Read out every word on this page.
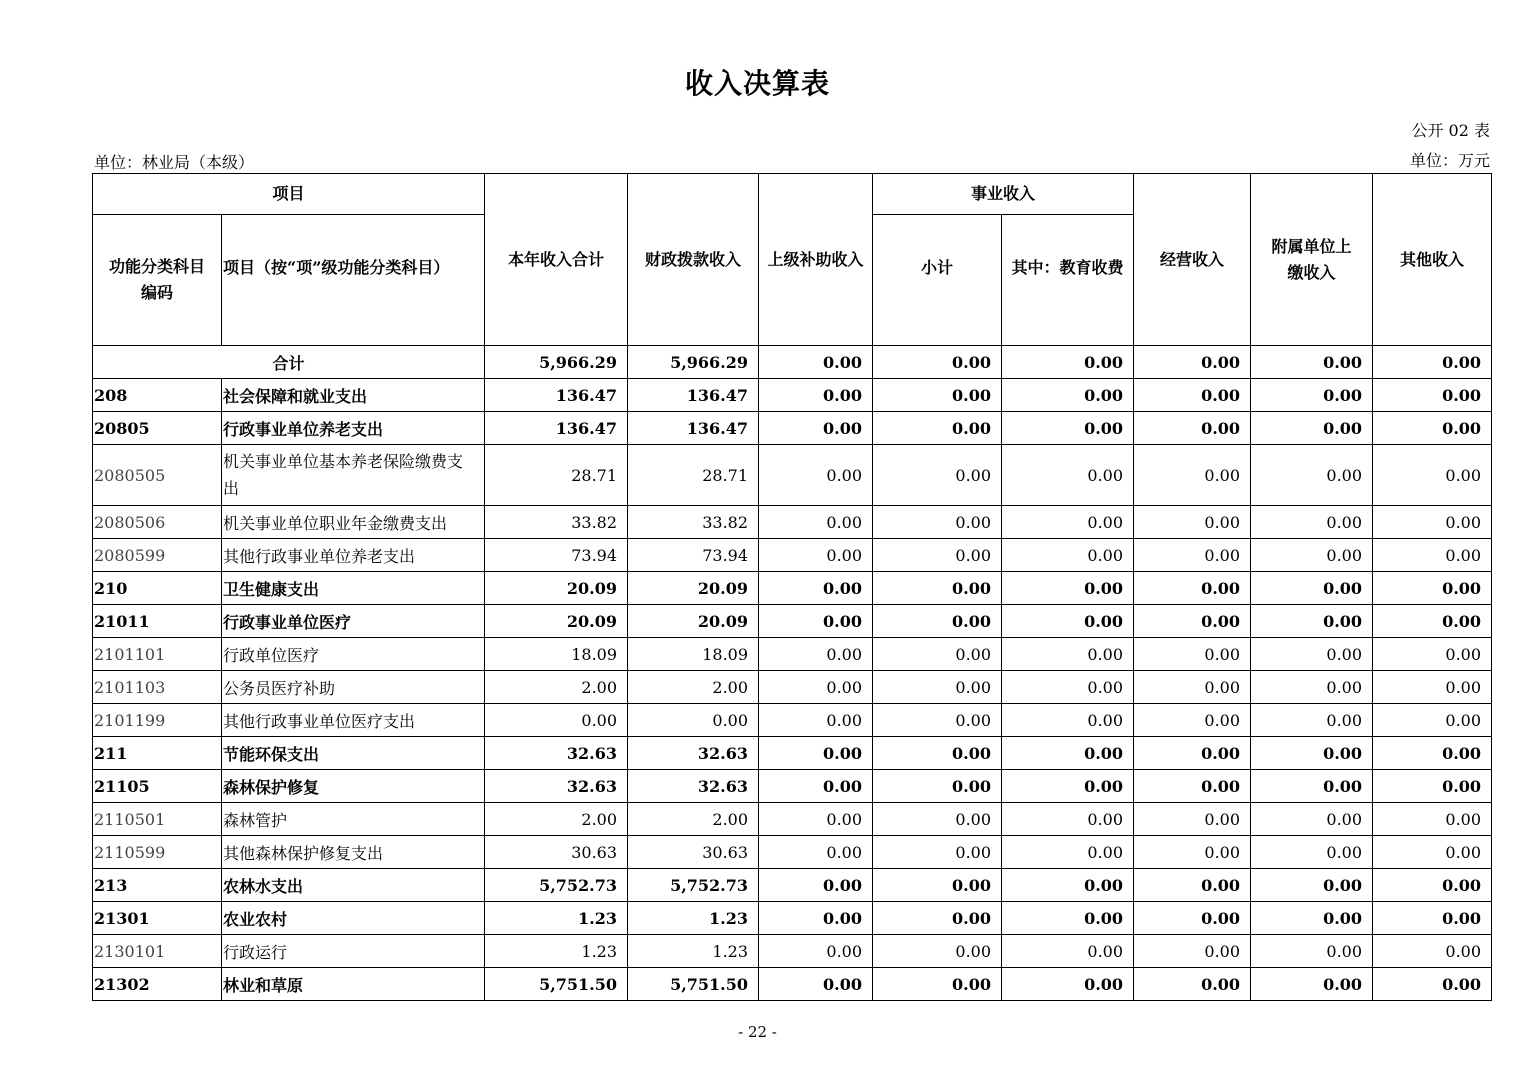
收入决算表
公开 02 表
单位：林业局（本级）	单位：万元
项目		本年收入合计	财政拨款收入	上级补助收入	事业收入		经营收入	附属单位上缴收入	其他收入
功能分类科目编码	项目（按“项”级功能分类科目）				小计	其中：教育收费			
合计		5,966.29	5,966.29	0.00	0.00	0.00	0.00	0.00	0.00
208	社会保障和就业支出	136.47	136.47	0.00	0.00	0.00	0.00	0.00	0.00
20805	行政事业单位养老支出	136.47	136.47	0.00	0.00	0.00	0.00	0.00	0.00
2080505	机关事业单位基本养老保险缴费支出	28.71	28.71	0.00	0.00	0.00	0.00	0.00	0.00
2080506	机关事业单位职业年金缴费支出	33.82	33.82	0.00	0.00	0.00	0.00	0.00	0.00
2080599	其他行政事业单位养老支出	73.94	73.94	0.00	0.00	0.00	0.00	0.00	0.00
210	卫生健康支出	20.09	20.09	0.00	0.00	0.00	0.00	0.00	0.00
21011	行政事业单位医疗	20.09	20.09	0.00	0.00	0.00	0.00	0.00	0.00
2101101	行政单位医疗	18.09	18.09	0.00	0.00	0.00	0.00	0.00	0.00
2101103	公务员医疗补助	2.00	2.00	0.00	0.00	0.00	0.00	0.00	0.00
2101199	其他行政事业单位医疗支出	0.00	0.00	0.00	0.00	0.00	0.00	0.00	0.00
211	节能环保支出	32.63	32.63	0.00	0.00	0.00	0.00	0.00	0.00
21105	森林保护修复	32.63	32.63	0.00	0.00	0.00	0.00	0.00	0.00
2110501	森林管护	2.00	2.00	0.00	0.00	0.00	0.00	0.00	0.00
2110599	其他森林保护修复支出	30.63	30.63	0.00	0.00	0.00	0.00	0.00	0.00
213	农林水支出	5,752.73	5,752.73	0.00	0.00	0.00	0.00	0.00	0.00
21301	农业农村	1.23	1.23	0.00	0.00	0.00	0.00	0.00	0.00
2130101	行政运行	1.23	1.23	0.00	0.00	0.00	0.00	0.00	0.00
21302	林业和草原	5,751.50	5,751.50	0.00	0.00	0.00	0.00	0.00	0.00
- 22 -
